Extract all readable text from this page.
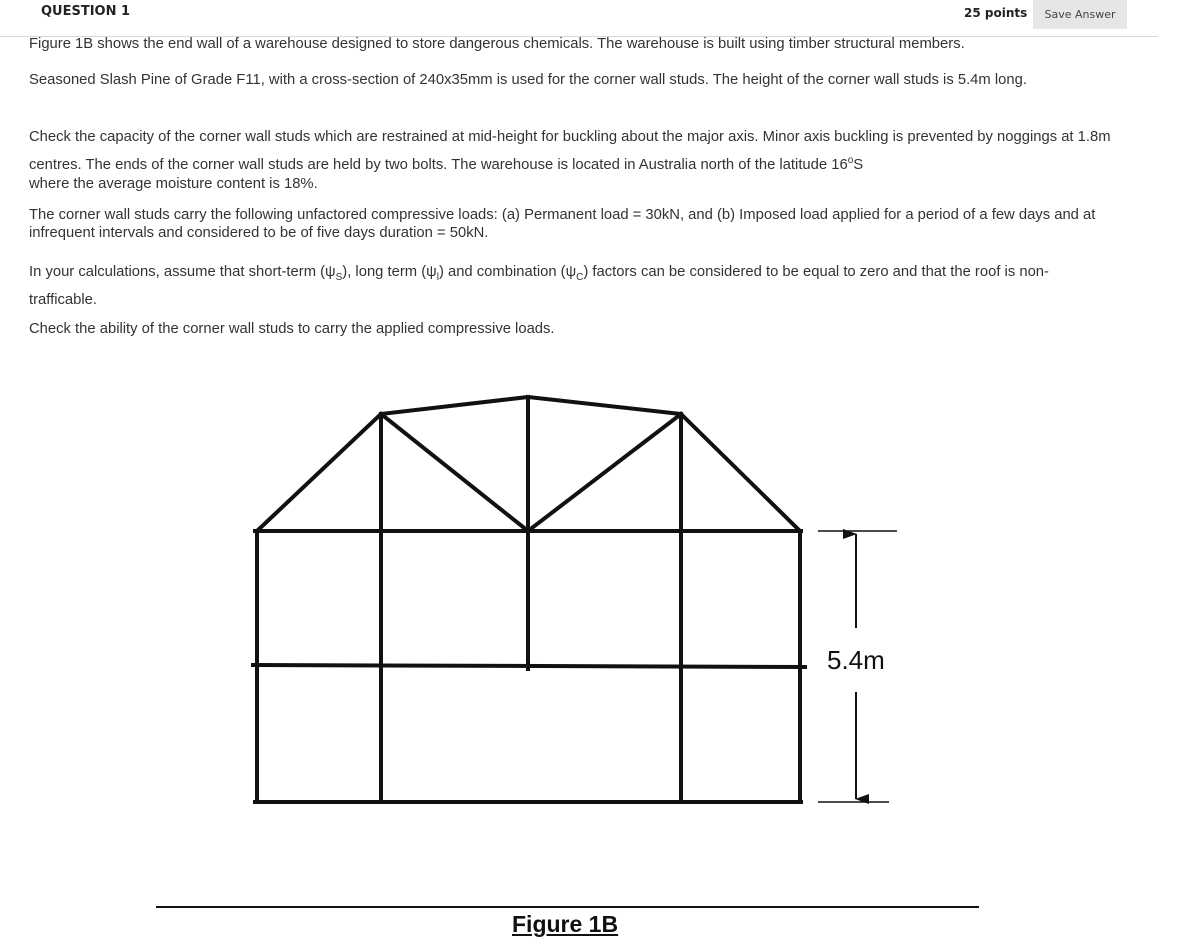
QUESTION 1	25 points	Save Answer

Figure 1B shows the end wall of a warehouse designed to store dangerous chemicals. The warehouse is built using timber structural members.

Seasoned Slash Pine of Grade F11, with a cross-section of 240x35mm is used for the corner wall studs. The height of the corner wall studs is 5.4m long.

Check the capacity of the corner wall studs which are restrained at mid-height for buckling about the major axis. Minor axis buckling is prevented by noggings at 1.8m centres. The ends of the corner wall studs are held by two bolts. The warehouse is located in Australia north of the latitude 16$^o$S
where the average moisture content is 18%.

The corner wall studs carry the following unfactored compressive loads: (a) Permanent load = 30kN, and (b) Imposed load applied for a period of a few days and at infrequent intervals and considered to be of five days duration = 50kN.

In your calculations, assume that short-term $(\psi_S)$, long term $(\psi_l)$ and combination $(\psi_C)$ factors can be considered to be equal to zero and that the roof is non-trafficable.

Check the ability of the corner wall studs to carry the applied compressive loads.

5.4m
Figure 1B
